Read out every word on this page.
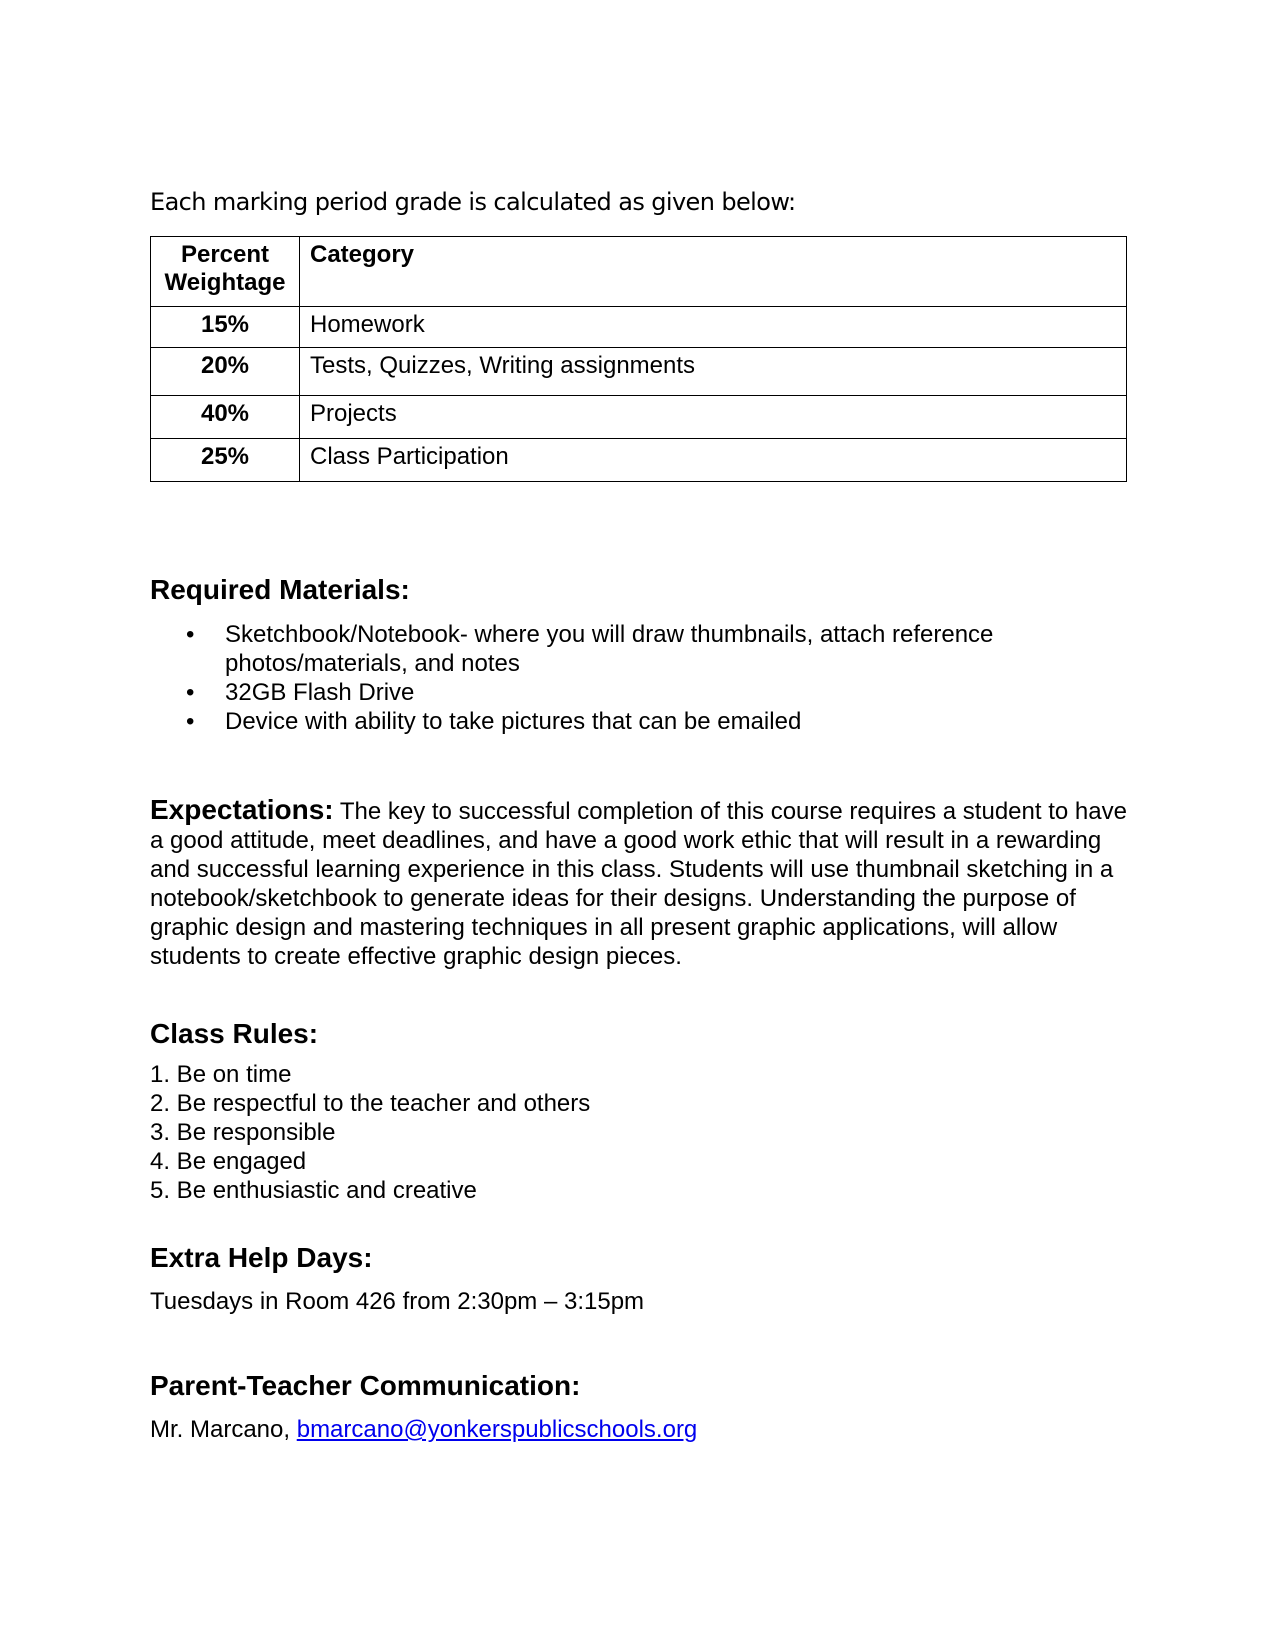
Each marking period grade is calculated as given below:
Percent Weightage	Category
15%	Homework
20%	Tests, Quizzes, Writing assignments
40%	Projects
25%	Class Participation
Required Materials:
• Sketchbook/Notebook- where you will draw thumbnails, attach reference photos/materials, and notes
• 32GB Flash Drive
• Device with ability to take pictures that can be emailed

Expectations: The key to successful completion of this course requires a student to have a good attitude, meet deadlines, and have a good work ethic that will result in a rewarding and successful learning experience in this class. Students will use thumbnail sketching in a notebook/sketchbook to generate ideas for their designs. Understanding the purpose of graphic design and mastering techniques in all present graphic applications, will allow students to create effective graphic design pieces.

Class Rules:
1. Be on time
2. Be respectful to the teacher and others
3. Be responsible
4. Be engaged
5. Be enthusiastic and creative
Extra Help Days:

Tuesdays in Room 426 from 2:30pm – 3:15pm

Parent-Teacher Communication:

Mr. Marcano, bmarcano@yonkerspublicschools.org
